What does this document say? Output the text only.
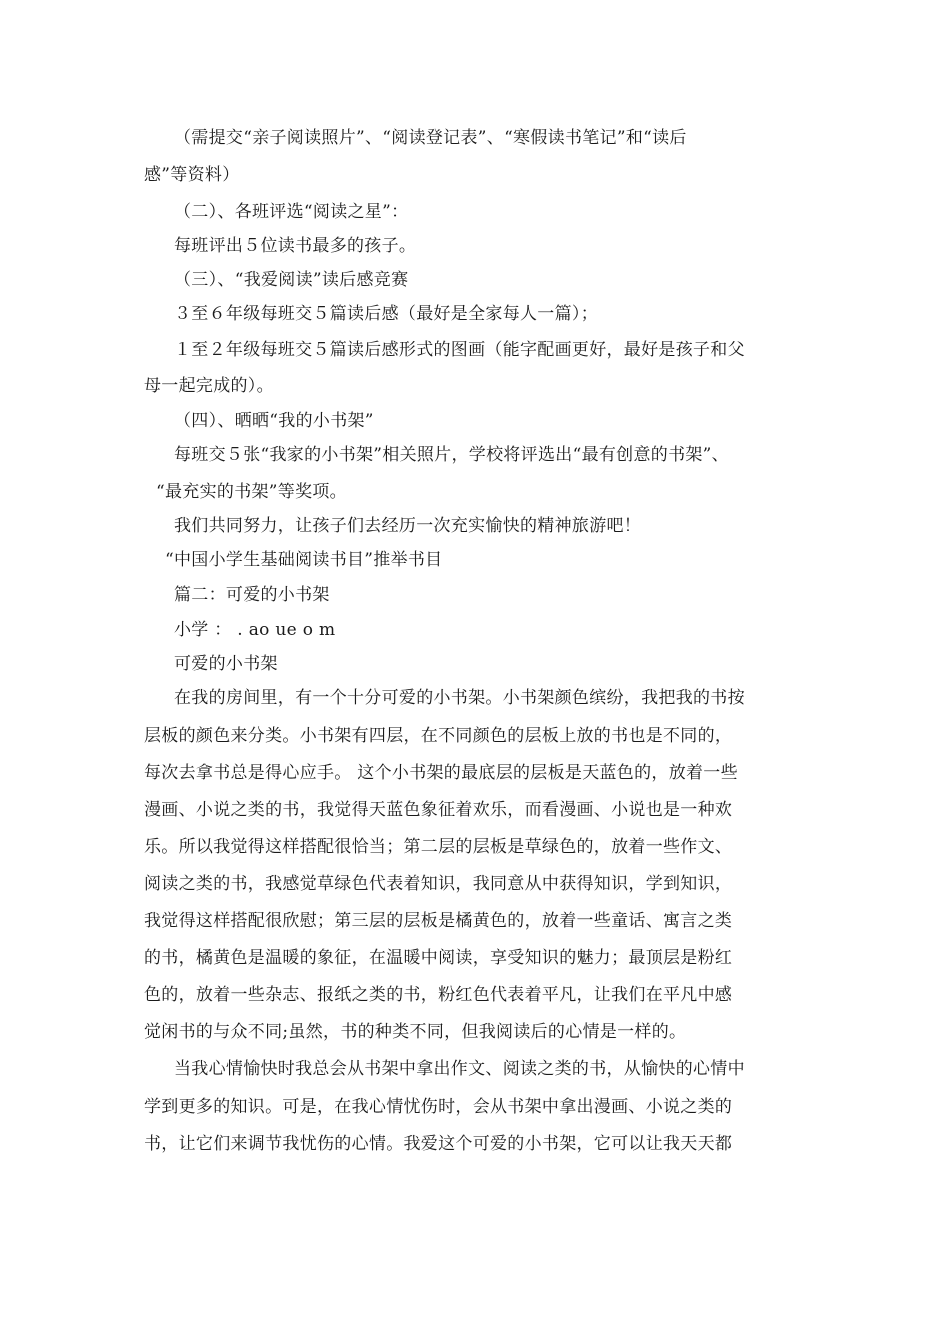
（需提交“亲子阅读照片”、“阅读登记表”、“寒假读书笔记”和“读后
感”等资料）
（二）、各班评选“阅读之星”：
每班评出５位读书最多的孩子。
（三）、“我爱阅读”读后感竞赛
３至６年级每班交５篇读后感（最好是全家每人一篇）；
１至２年级每班交５篇读后感形式的图画（能字配画更好，最好是孩子和父
母一起完成的）。
（四）、晒晒“我的小书架”
每班交５张“我家的小书架”相关照片，学校将评选出“最有创意的书架”、
“最充实的书架”等奖项。
我们共同努力，让孩子们去经历一次充实愉快的精神旅游吧！
“中国小学生基础阅读书目”推举书目
篇二：可爱的小书架
小学 ： . ao ue o m
可爱的小书架
在我的房间里，有一个十分可爱的小书架。小书架颜色缤纷，我把我的书按
层板的颜色来分类。小书架有四层，在不同颜色的层板上放的书也是不同的，
每次去拿书总是得心应手。 这个小书架的最底层的层板是天蓝色的，放着一些
漫画、小说之类的书，我觉得天蓝色象征着欢乐，而看漫画、小说也是一种欢
乐。所以我觉得这样搭配很恰当；第二层的层板是草绿色的，放着一些作文、
阅读之类的书，我感觉草绿色代表着知识，我同意从中获得知识，学到知识，
我觉得这样搭配很欣慰；第三层的层板是橘黄色的，放着一些童话、寓言之类
的书，橘黄色是温暖的象征，在温暖中阅读，享受知识的魅力；最顶层是粉红
色的，放着一些杂志、报纸之类的书，粉红色代表着平凡，让我们在平凡中感
觉闲书的与众不同;虽然，书的种类不同，但我阅读后的心情是一样的。
当我心情愉快时我总会从书架中拿出作文、阅读之类的书，从愉快的心情中
学到更多的知识。可是，在我心情忧伤时，会从书架中拿出漫画、小说之类的
书，让它们来调节我忧伤的心情。我爱这个可爱的小书架，它可以让我天天都
